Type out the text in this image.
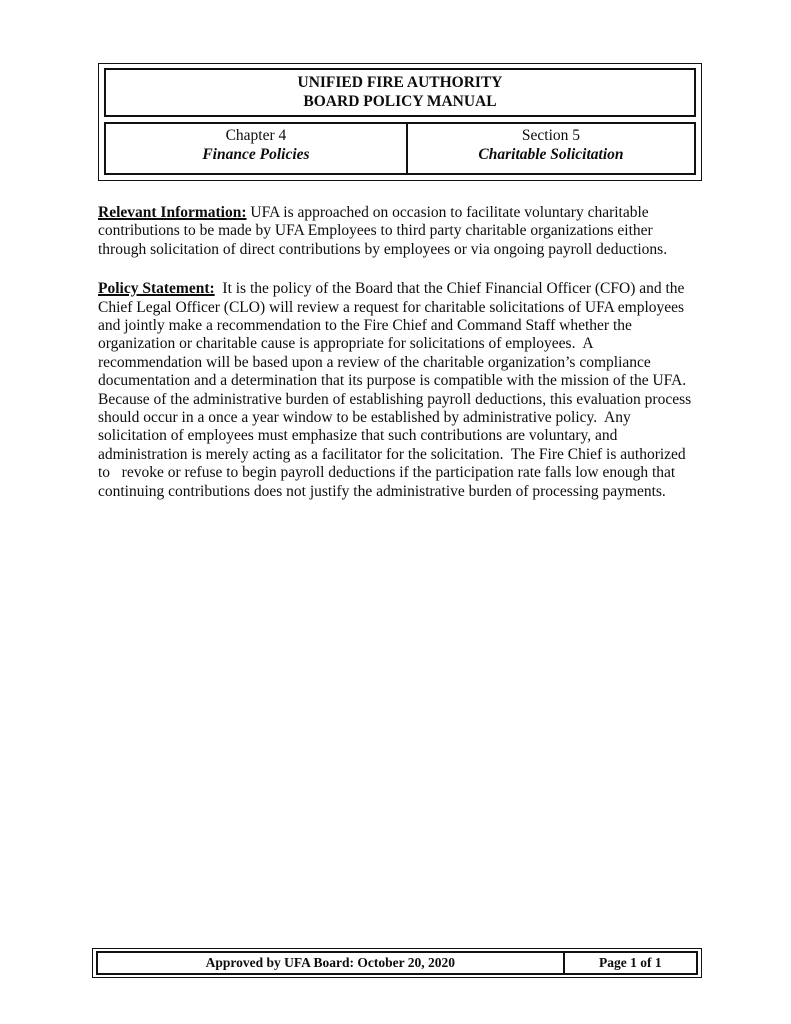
UNIFIED FIRE AUTHORITY
BOARD POLICY MANUAL
Chapter 4
Finance Policies
Section 5
Charitable Solicitation
Relevant Information: UFA is approached on occasion to facilitate voluntary charitable contributions to be made by UFA Employees to third party charitable organizations either through solicitation of direct contributions by employees or via ongoing payroll deductions.
Policy Statement:  It is the policy of the Board that the Chief Financial Officer (CFO) and the Chief Legal Officer (CLO) will review a request for charitable solicitations of UFA employees and jointly make a recommendation to the Fire Chief and Command Staff whether the organization or charitable cause is appropriate for solicitations of employees.  A recommendation will be based upon a review of the charitable organization’s compliance documentation and a determination that its purpose is compatible with the mission of the UFA.  Because of the administrative burden of establishing payroll deductions, this evaluation process should occur in a once a year window to be established by administrative policy.  Any solicitation of employees must emphasize that such contributions are voluntary, and administration is merely acting as a facilitator for the solicitation.  The Fire Chief is authorized to   revoke or refuse to begin payroll deductions if the participation rate falls low enough that continuing contributions does not justify the administrative burden of processing payments.
Approved by UFA Board: October 20, 2020	Page 1 of 1
